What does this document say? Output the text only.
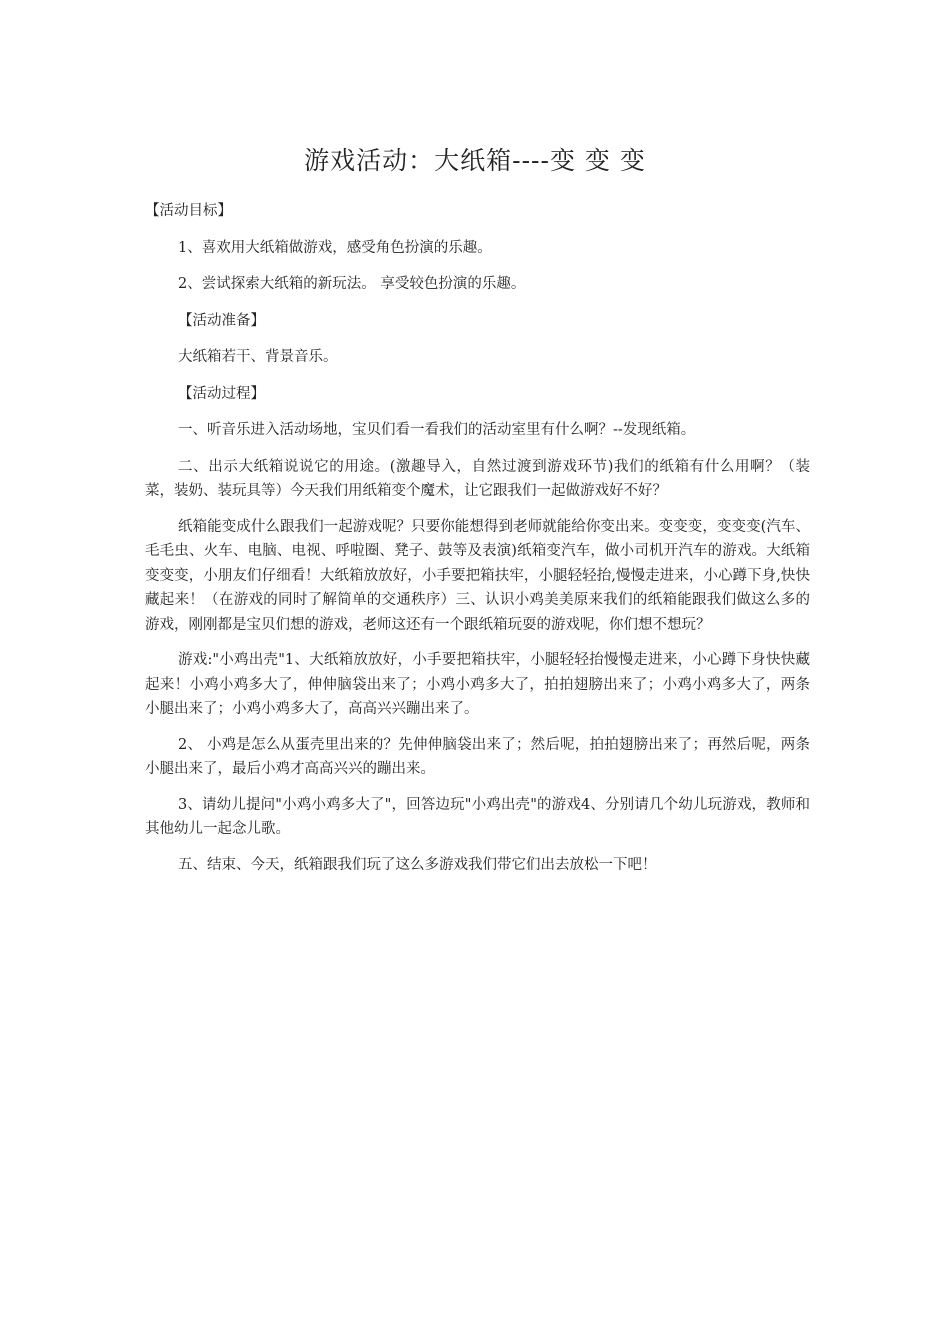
游戏活动：大纸箱----变 变 变

【活动目标】

1、喜欢用大纸箱做游戏，感受角色扮演的乐趣。

2、尝试探索大纸箱的新玩法。 享受较色扮演的乐趣。

【活动准备】

大纸箱若干、背景音乐。

【活动过程】

一、听音乐进入活动场地，宝贝们看一看我们的活动室里有什么啊？--发现纸箱。

二、出示大纸箱说说它的用途。(激趣导入，自然过渡到游戏环节)我们的纸箱有什么用啊？（装菜，装奶、装玩具等）今天我们用纸箱变个魔术，让它跟我们一起做游戏好不好？

纸箱能变成什么跟我们一起游戏呢？只要你能想得到老师就能给你变出来。变变变，变变变(汽车、毛毛虫、火车、电脑、电视、呼啦圈、凳子、鼓等及表演)纸箱变汽车，做小司机开汽车的游戏。大纸箱变变变，小朋友们仔细看！大纸箱放放好，小手要把箱扶牢，小腿轻轻抬,慢慢走进来，小心蹲下身,快快藏起来！（在游戏的同时了解简单的交通秩序）三、认识小鸡美美原来我们的纸箱能跟我们做这么多的游戏，刚刚都是宝贝们想的游戏，老师这还有一个跟纸箱玩耍的游戏呢，你们想不想玩？

游戏:"小鸡出壳"1、大纸箱放放好，小手要把箱扶牢，小腿轻轻抬慢慢走进来，小心蹲下身快快藏起来！小鸡小鸡多大了，伸伸脑袋出来了；小鸡小鸡多大了，拍拍翅膀出来了；小鸡小鸡多大了，两条小腿出来了；小鸡小鸡多大了，高高兴兴蹦出来了。

2、 小鸡是怎么从蛋壳里出来的？先伸伸脑袋出来了；然后呢，拍拍翅膀出来了；再然后呢，两条小腿出来了，最后小鸡才高高兴兴的蹦出来。

3、请幼儿提问"小鸡小鸡多大了"，回答边玩"小鸡出壳"的游戏4、分别请几个幼儿玩游戏，教师和其他幼儿一起念儿歌。

五、结束、今天，纸箱跟我们玩了这么多游戏我们带它们出去放松一下吧！
